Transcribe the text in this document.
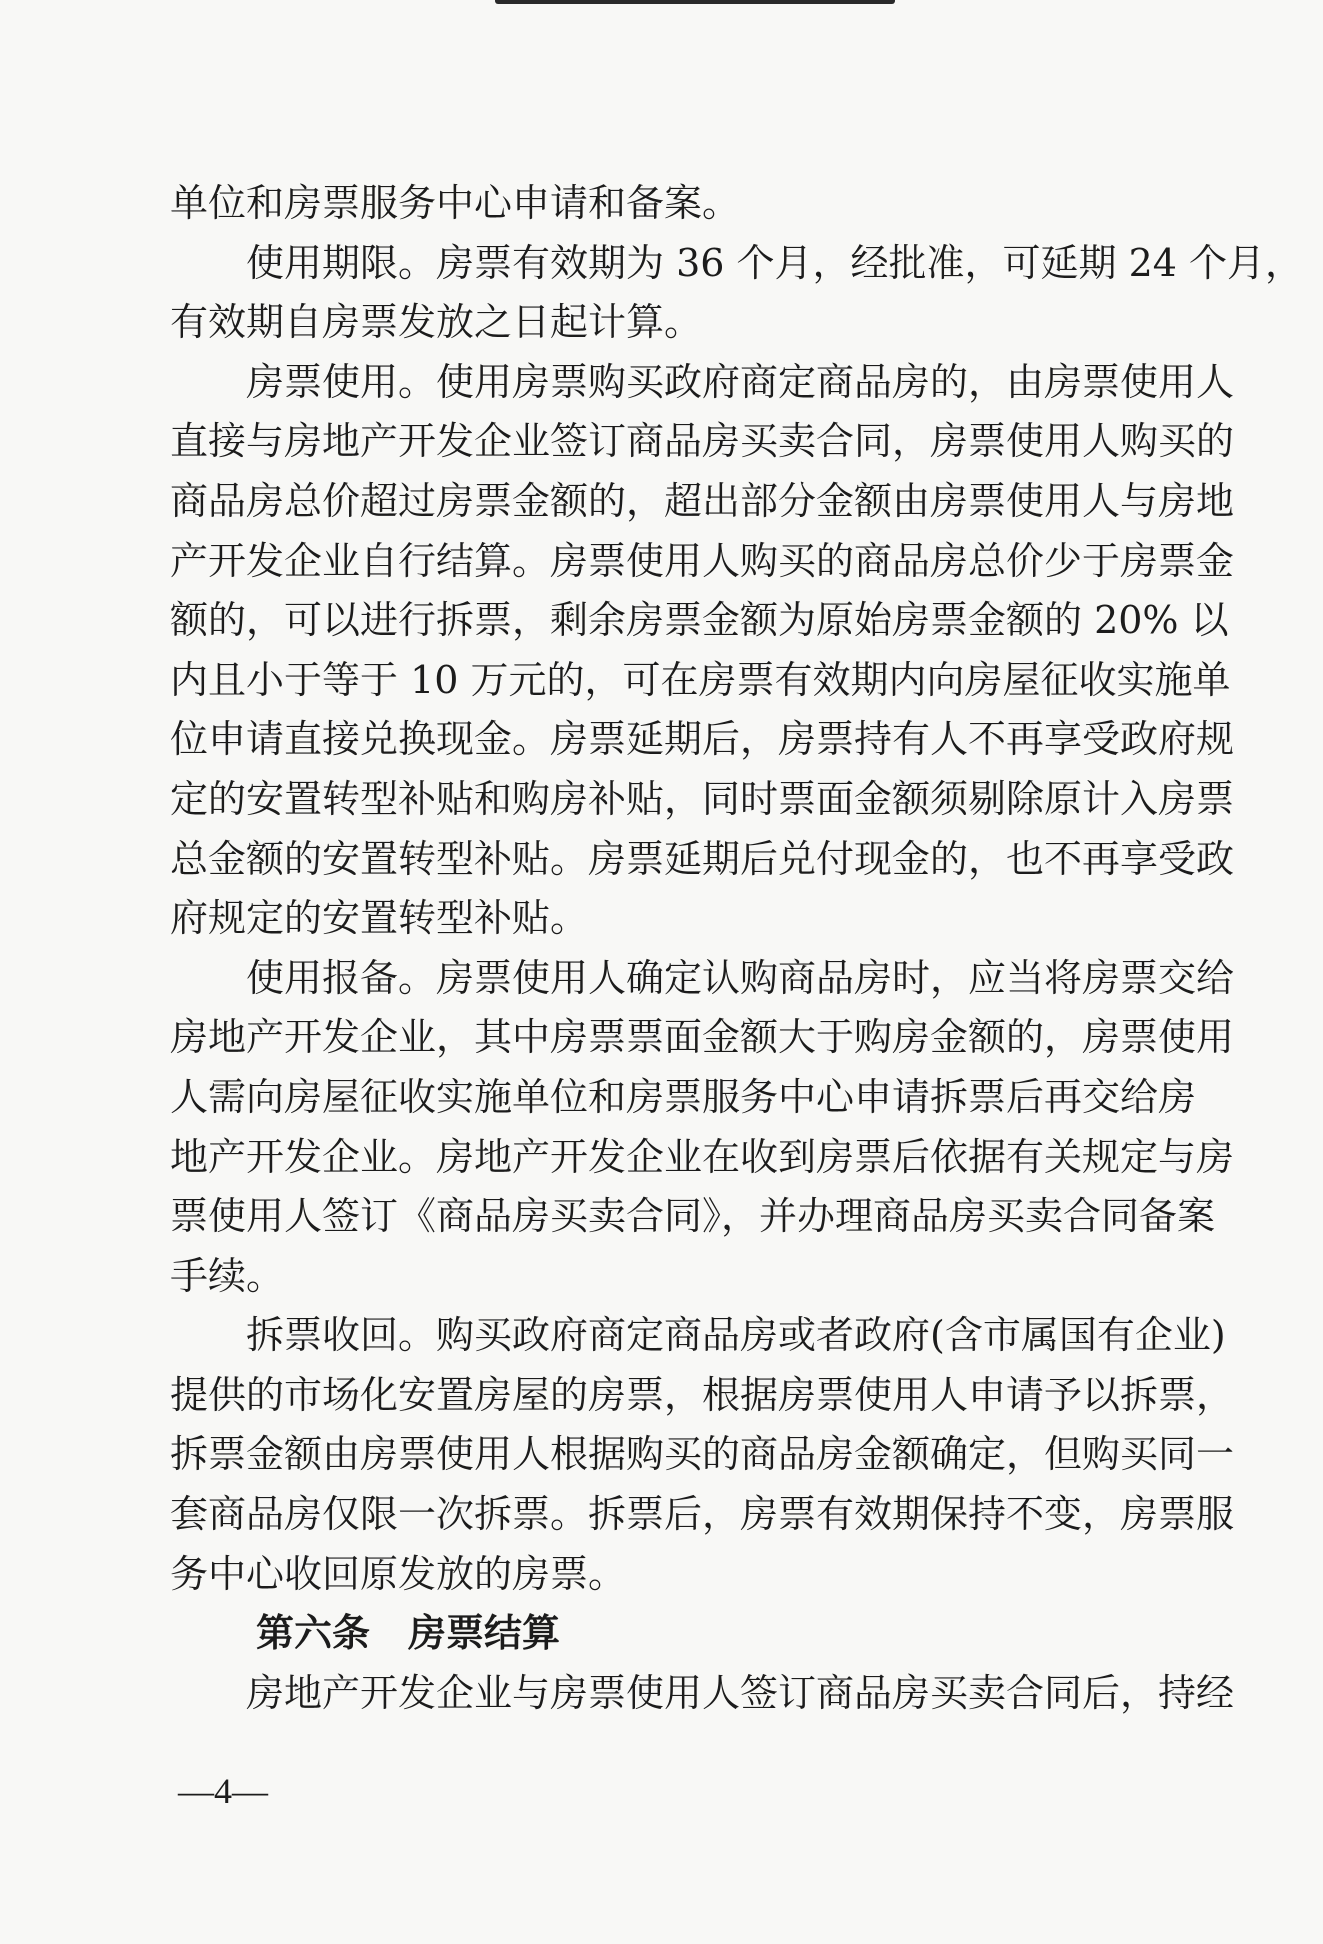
单位和房票服务中心申请和备案。
使用期限。房票有效期为 36 个月，经批准，可延期 24 个月，
有效期自房票发放之日起计算。
房票使用。使用房票购买政府商定商品房的，由房票使用人
直接与房地产开发企业签订商品房买卖合同，房票使用人购买的
商品房总价超过房票金额的，超出部分金额由房票使用人与房地
产开发企业自行结算。房票使用人购买的商品房总价少于房票金
额的，可以进行拆票，剩余房票金额为原始房票金额的 20% 以
内且小于等于 10 万元的，可在房票有效期内向房屋征收实施单
位申请直接兑换现金。房票延期后，房票持有人不再享受政府规
定的安置转型补贴和购房补贴，同时票面金额须剔除原计入房票
总金额的安置转型补贴。房票延期后兑付现金的，也不再享受政
府规定的安置转型补贴。
使用报备。房票使用人确定认购商品房时，应当将房票交给
房地产开发企业，其中房票票面金额大于购房金额的，房票使用
人需向房屋征收实施单位和房票服务中心申请拆票后再交给房
地产开发企业。房地产开发企业在收到房票后依据有关规定与房
票使用人签订《商品房买卖合同》，并办理商品房买卖合同备案
手续。
拆票收回。购买政府商定商品房或者政府(含市属国有企业)
提供的市场化安置房屋的房票，根据房票使用人申请予以拆票，
拆票金额由房票使用人根据购买的商品房金额确定，但购买同一
套商品房仅限一次拆票。拆票后，房票有效期保持不变，房票服
务中心收回原发放的房票。
第六条　房票结算
房地产开发企业与房票使用人签订商品房买卖合同后，持经
—4—
